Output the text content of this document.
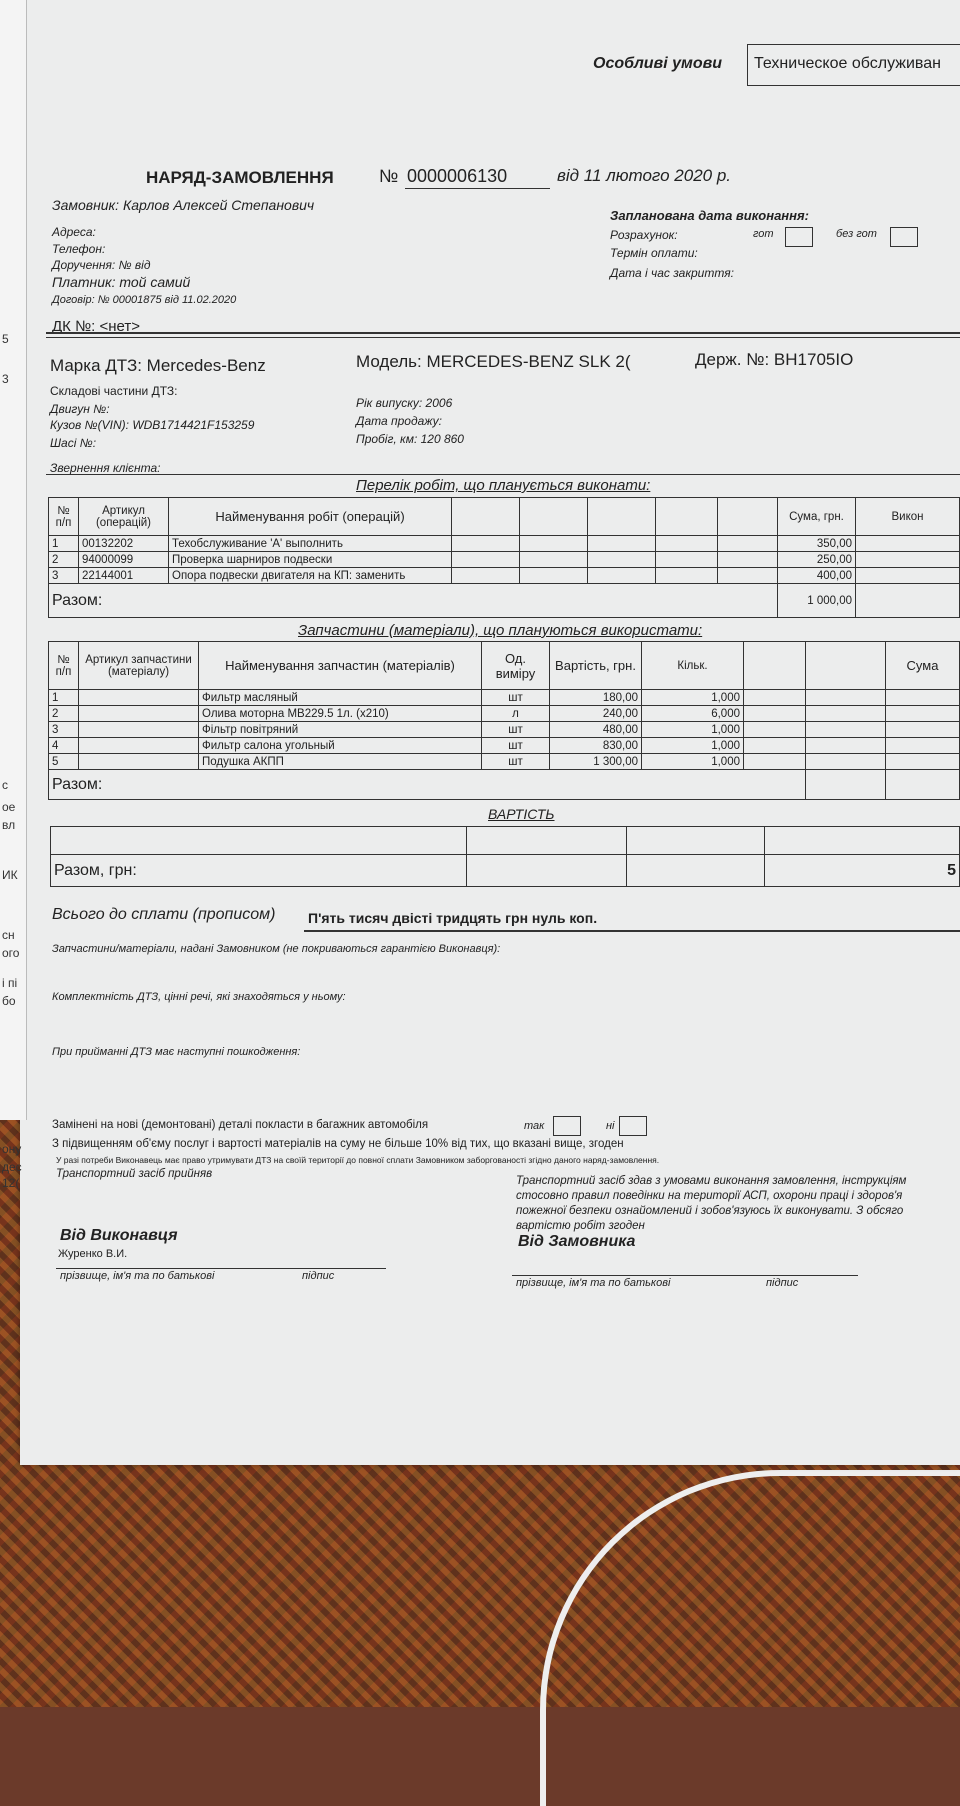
Особливі умови Техническое обслуживан
НАРЯД-ЗАМОВЛЕННЯ	№ 0000006130	від 11 лютого 2020 р.
Замовник: Карлов Алексей Степанович
Адреса:
Телефон:
Доручення: № від
Платник: той самий
Договір: № 00001875 від 11.02.2020
ДК №: <нет>
Запланована дата виконання:
Розрахунок:	гот	без гот
Термін оплати:
Дата і час закриття:
Марка ДТЗ: Mercedes-Benz	Модель: MERCEDES-BENZ SLK 2(	Держ. №: ВН1705ІО
Складові частини ДТЗ:
Двигун №:
Кузов №(VIN): WDB1714421F153259
Шасі №:
Рік випуску: 2006
Дата продажу:
Пробіг, км: 120 860
Звернення клієнта:
Перелік робіт, що планується виконати:
№ п/п	Артикул (операцій)	Найменування робіт (операцій)						Сума, грн.	Викон
1	00132202	Техобслуживание 'A' выполнить						350,00	
2	94000099	Проверка шарниров подвески						250,00	
3	22144001	Опора подвески двигателя на КП: заменить						400,00	
Разом:								1 000,00	
Запчастини (матеріали), що плануються використати:
№ п/п	Артикул запчастини (матеріалу)	Найменування запчастин (матеріалів)	Од. виміру	Вартість, грн.	Кільк.			Сума
1		Фильтр масляный	шт	180,00	1,000			
2		Олива моторна MB229.5 1л. (x210)	л	240,00	6,000			
3		Фільтр повітряний	шт	480,00	1,000			
4		Фильтр салона угольный	шт	830,00	1,000			
5		Подушка АКПП	шт	1 300,00	1,000			
Разом:								
ВАРТІСТЬ

Разом, грн:			5
Всього до сплати (прописом) П'ять тисяч двісті тридцять грн нуль коп.
Запчастини/матеріали, надані Замовником (не покриваються гарантією Виконавця):
Комплектність ДТЗ, цінні речі, які знаходяться у ньому:
При прийманні ДТЗ має наступні пошкодження:
Замінені на нові (демонтовані) деталі покласти в багажник автомобіля	так	ні
З підвищенням об'єму послуг і вартості матеріалів на суму не більше 10% від тих, що вказані вище, згоден
У разі потреби Виконавець має право утримувати ДТЗ на своїй території до повної сплати Замовником заборгованості згідно даного наряд-замовлення.
Транспортний засіб прийняв
Транспортний засіб здав з умовами виконання замовлення, інструкціям
стосовно правил поведінки на території АСП, охорони праці і здоров'я
пожежної безпеки ознайомлений і зобов'язуюсь їх виконувати. З обсяго
вартістю робіт згоден
Від Виконавця
Журенко В.И.
прізвище, ім'я та по батькові	підпис
Від Замовника
прізвище, ім'я та по батькові	підпис
5
3
с
ое
вл
ИК
сн
ого
і пі
бо
ону
дес
12(
